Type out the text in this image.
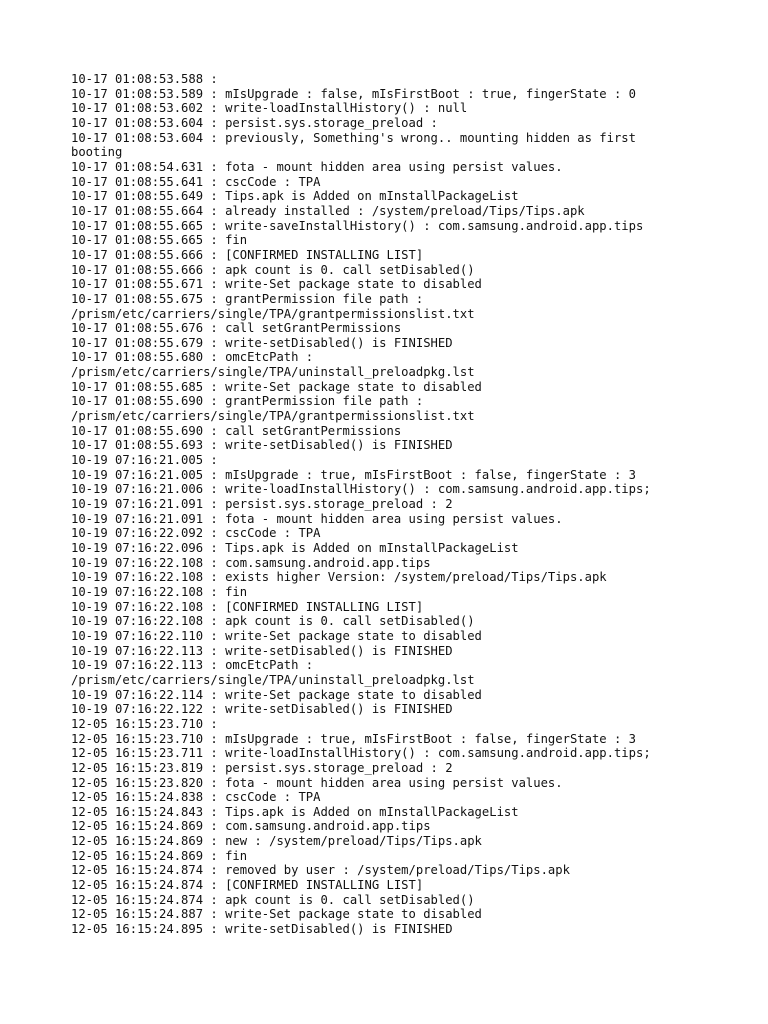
10-17 01:08:53.588 :
10-17 01:08:53.589 : mIsUpgrade : false, mIsFirstBoot : true, fingerState : 0
10-17 01:08:53.602 : write-loadInstallHistory() : null
10-17 01:08:53.604 : persist.sys.storage_preload :
10-17 01:08:53.604 : previously, Something's wrong.. mounting hidden as first
booting
10-17 01:08:54.631 : fota - mount hidden area using persist values.
10-17 01:08:55.641 : cscCode : TPA
10-17 01:08:55.649 : Tips.apk is Added on mInstallPackageList
10-17 01:08:55.664 : already installed : /system/preload/Tips/Tips.apk
10-17 01:08:55.665 : write-saveInstallHistory() : com.samsung.android.app.tips
10-17 01:08:55.665 : fin
10-17 01:08:55.666 : [CONFIRMED INSTALLING LIST]
10-17 01:08:55.666 : apk count is 0. call setDisabled()
10-17 01:08:55.671 : write-Set package state to disabled
10-17 01:08:55.675 : grantPermission file path :
/prism/etc/carriers/single/TPA/grantpermissionslist.txt
10-17 01:08:55.676 : call setGrantPermissions
10-17 01:08:55.679 : write-setDisabled() is FINISHED
10-17 01:08:55.680 : omcEtcPath :
/prism/etc/carriers/single/TPA/uninstall_preloadpkg.lst
10-17 01:08:55.685 : write-Set package state to disabled
10-17 01:08:55.690 : grantPermission file path :
/prism/etc/carriers/single/TPA/grantpermissionslist.txt
10-17 01:08:55.690 : call setGrantPermissions
10-17 01:08:55.693 : write-setDisabled() is FINISHED
10-19 07:16:21.005 :
10-19 07:16:21.005 : mIsUpgrade : true, mIsFirstBoot : false, fingerState : 3
10-19 07:16:21.006 : write-loadInstallHistory() : com.samsung.android.app.tips;
10-19 07:16:21.091 : persist.sys.storage_preload : 2
10-19 07:16:21.091 : fota - mount hidden area using persist values.
10-19 07:16:22.092 : cscCode : TPA
10-19 07:16:22.096 : Tips.apk is Added on mInstallPackageList
10-19 07:16:22.108 : com.samsung.android.app.tips
10-19 07:16:22.108 : exists higher Version: /system/preload/Tips/Tips.apk
10-19 07:16:22.108 : fin
10-19 07:16:22.108 : [CONFIRMED INSTALLING LIST]
10-19 07:16:22.108 : apk count is 0. call setDisabled()
10-19 07:16:22.110 : write-Set package state to disabled
10-19 07:16:22.113 : write-setDisabled() is FINISHED
10-19 07:16:22.113 : omcEtcPath :
/prism/etc/carriers/single/TPA/uninstall_preloadpkg.lst
10-19 07:16:22.114 : write-Set package state to disabled
10-19 07:16:22.122 : write-setDisabled() is FINISHED
12-05 16:15:23.710 :
12-05 16:15:23.710 : mIsUpgrade : true, mIsFirstBoot : false, fingerState : 3
12-05 16:15:23.711 : write-loadInstallHistory() : com.samsung.android.app.tips;
12-05 16:15:23.819 : persist.sys.storage_preload : 2
12-05 16:15:23.820 : fota - mount hidden area using persist values.
12-05 16:15:24.838 : cscCode : TPA
12-05 16:15:24.843 : Tips.apk is Added on mInstallPackageList
12-05 16:15:24.869 : com.samsung.android.app.tips
12-05 16:15:24.869 : new : /system/preload/Tips/Tips.apk
12-05 16:15:24.869 : fin
12-05 16:15:24.874 : removed by user : /system/preload/Tips/Tips.apk
12-05 16:15:24.874 : [CONFIRMED INSTALLING LIST]
12-05 16:15:24.874 : apk count is 0. call setDisabled()
12-05 16:15:24.887 : write-Set package state to disabled
12-05 16:15:24.895 : write-setDisabled() is FINISHED
